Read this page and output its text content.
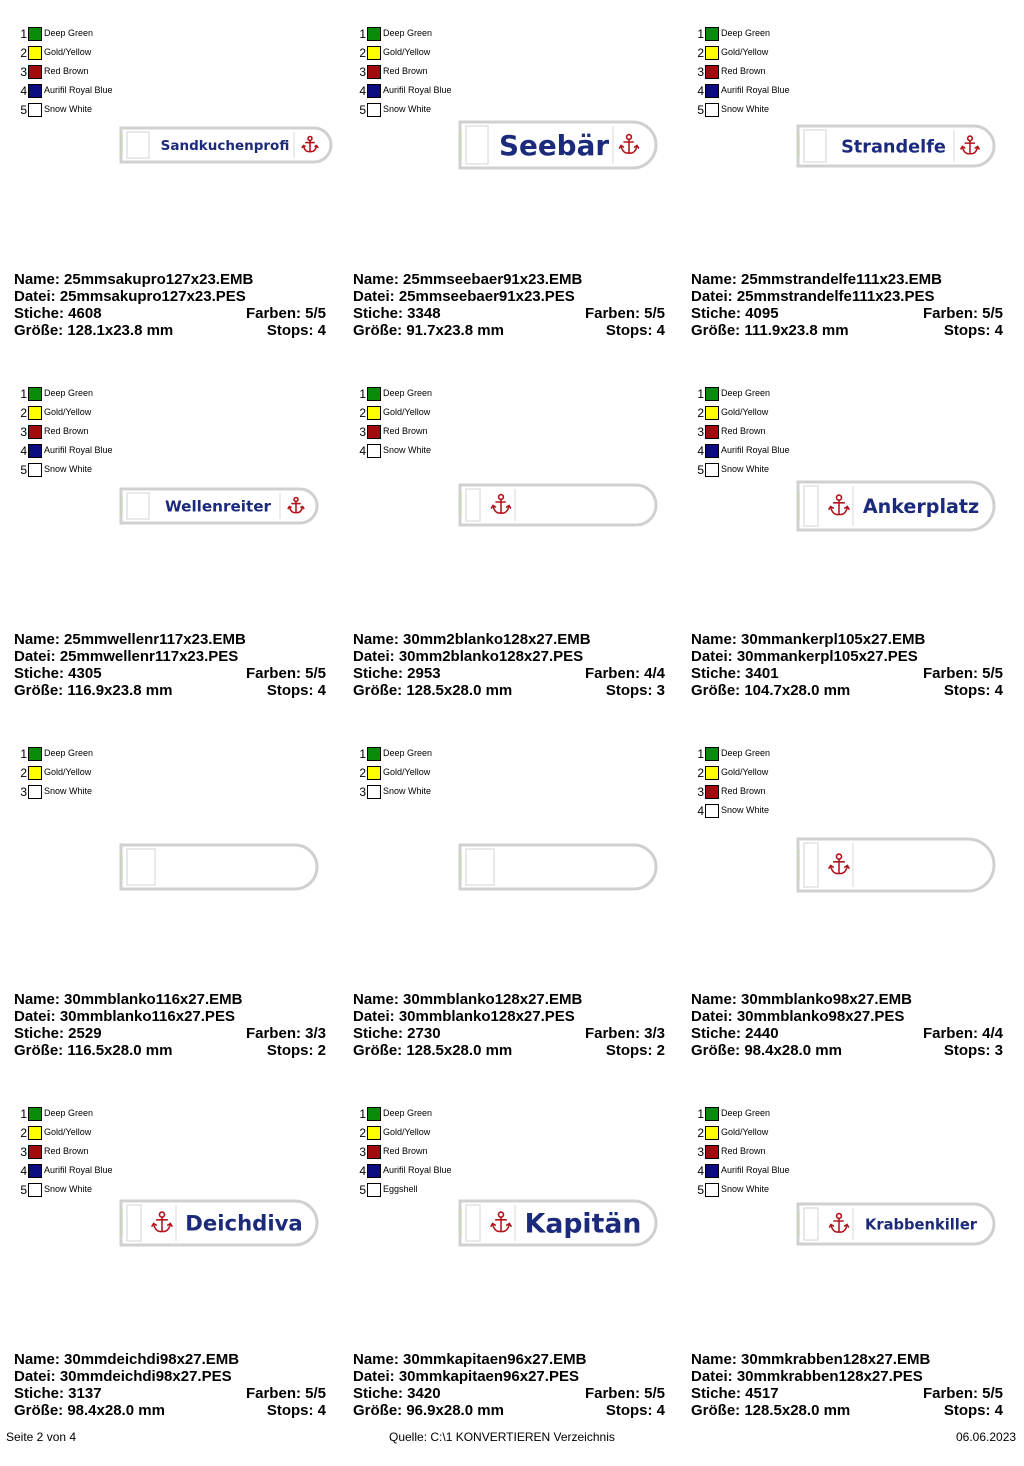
1 Deep Green
2 Gold/Yellow
3 Red Brown
4 Aurifil Royal Blue
5 Snow White
Sandkuchenprofi
Name: 25mmsakupro127x23.EMB
Datei: 25mmsakupro127x23.PES
Stiche: 4608	Farben: 5/5
Größe: 128.1x23.8 mm	Stops: 4
1 Deep Green
2 Gold/Yellow
3 Red Brown
4 Aurifil Royal Blue
5 Snow White
Seebär
Name: 25mmseebaer91x23.EMB
Datei: 25mmseebaer91x23.PES
Stiche: 3348	Farben: 5/5
Größe: 91.7x23.8 mm	Stops: 4
1 Deep Green
2 Gold/Yellow
3 Red Brown
4 Aurifil Royal Blue
5 Snow White
Strandelfe
Name: 25mmstrandelfe111x23.EMB
Datei: 25mmstrandelfe111x23.PES
Stiche: 4095	Farben: 5/5
Größe: 111.9x23.8 mm	Stops: 4
1 Deep Green
2 Gold/Yellow
3 Red Brown
4 Aurifil Royal Blue
5 Snow White
Wellenreiter
Name: 25mmwellenr117x23.EMB
Datei: 25mmwellenr117x23.PES
Stiche: 4305	Farben: 5/5
Größe: 116.9x23.8 mm	Stops: 4
1 Deep Green
2 Gold/Yellow
3 Red Brown
4 Snow White
Name: 30mm2blanko128x27.EMB
Datei: 30mm2blanko128x27.PES
Stiche: 2953	Farben: 4/4
Größe: 128.5x28.0 mm	Stops: 3
1 Deep Green
2 Gold/Yellow
3 Red Brown
4 Aurifil Royal Blue
5 Snow White
Ankerplatz
Name: 30mmankerpl105x27.EMB
Datei: 30mmankerpl105x27.PES
Stiche: 3401	Farben: 5/5
Größe: 104.7x28.0 mm	Stops: 4
1 Deep Green
2 Gold/Yellow
3 Snow White
Name: 30mmblanko116x27.EMB
Datei: 30mmblanko116x27.PES
Stiche: 2529	Farben: 3/3
Größe: 116.5x28.0 mm	Stops: 2
1 Deep Green
2 Gold/Yellow
3 Snow White
Name: 30mmblanko128x27.EMB
Datei: 30mmblanko128x27.PES
Stiche: 2730	Farben: 3/3
Größe: 128.5x28.0 mm	Stops: 2
1 Deep Green
2 Gold/Yellow
3 Red Brown
4 Snow White
Name: 30mmblanko98x27.EMB
Datei: 30mmblanko98x27.PES
Stiche: 2440	Farben: 4/4
Größe: 98.4x28.0 mm	Stops: 3
1 Deep Green
2 Gold/Yellow
3 Red Brown
4 Aurifil Royal Blue
5 Snow White
Deichdiva
Name: 30mmdeichdi98x27.EMB
Datei: 30mmdeichdi98x27.PES
Stiche: 3137	Farben: 5/5
Größe: 98.4x28.0 mm	Stops: 4
1 Deep Green
2 Gold/Yellow
3 Red Brown
4 Aurifil Royal Blue
5 Eggshell
Kapitän
Name: 30mmkapitaen96x27.EMB
Datei: 30mmkapitaen96x27.PES
Stiche: 3420	Farben: 5/5
Größe: 96.9x28.0 mm	Stops: 4
1 Deep Green
2 Gold/Yellow
3 Red Brown
4 Aurifil Royal Blue
5 Snow White
Krabbenkiller
Name: 30mmkrabben128x27.EMB
Datei: 30mmkrabben128x27.PES
Stiche: 4517	Farben: 5/5
Größe: 128.5x28.0 mm	Stops: 4
Seite 2 von 4	Quelle: C:\1 KONVERTIEREN Verzeichnis	06.06.2023
